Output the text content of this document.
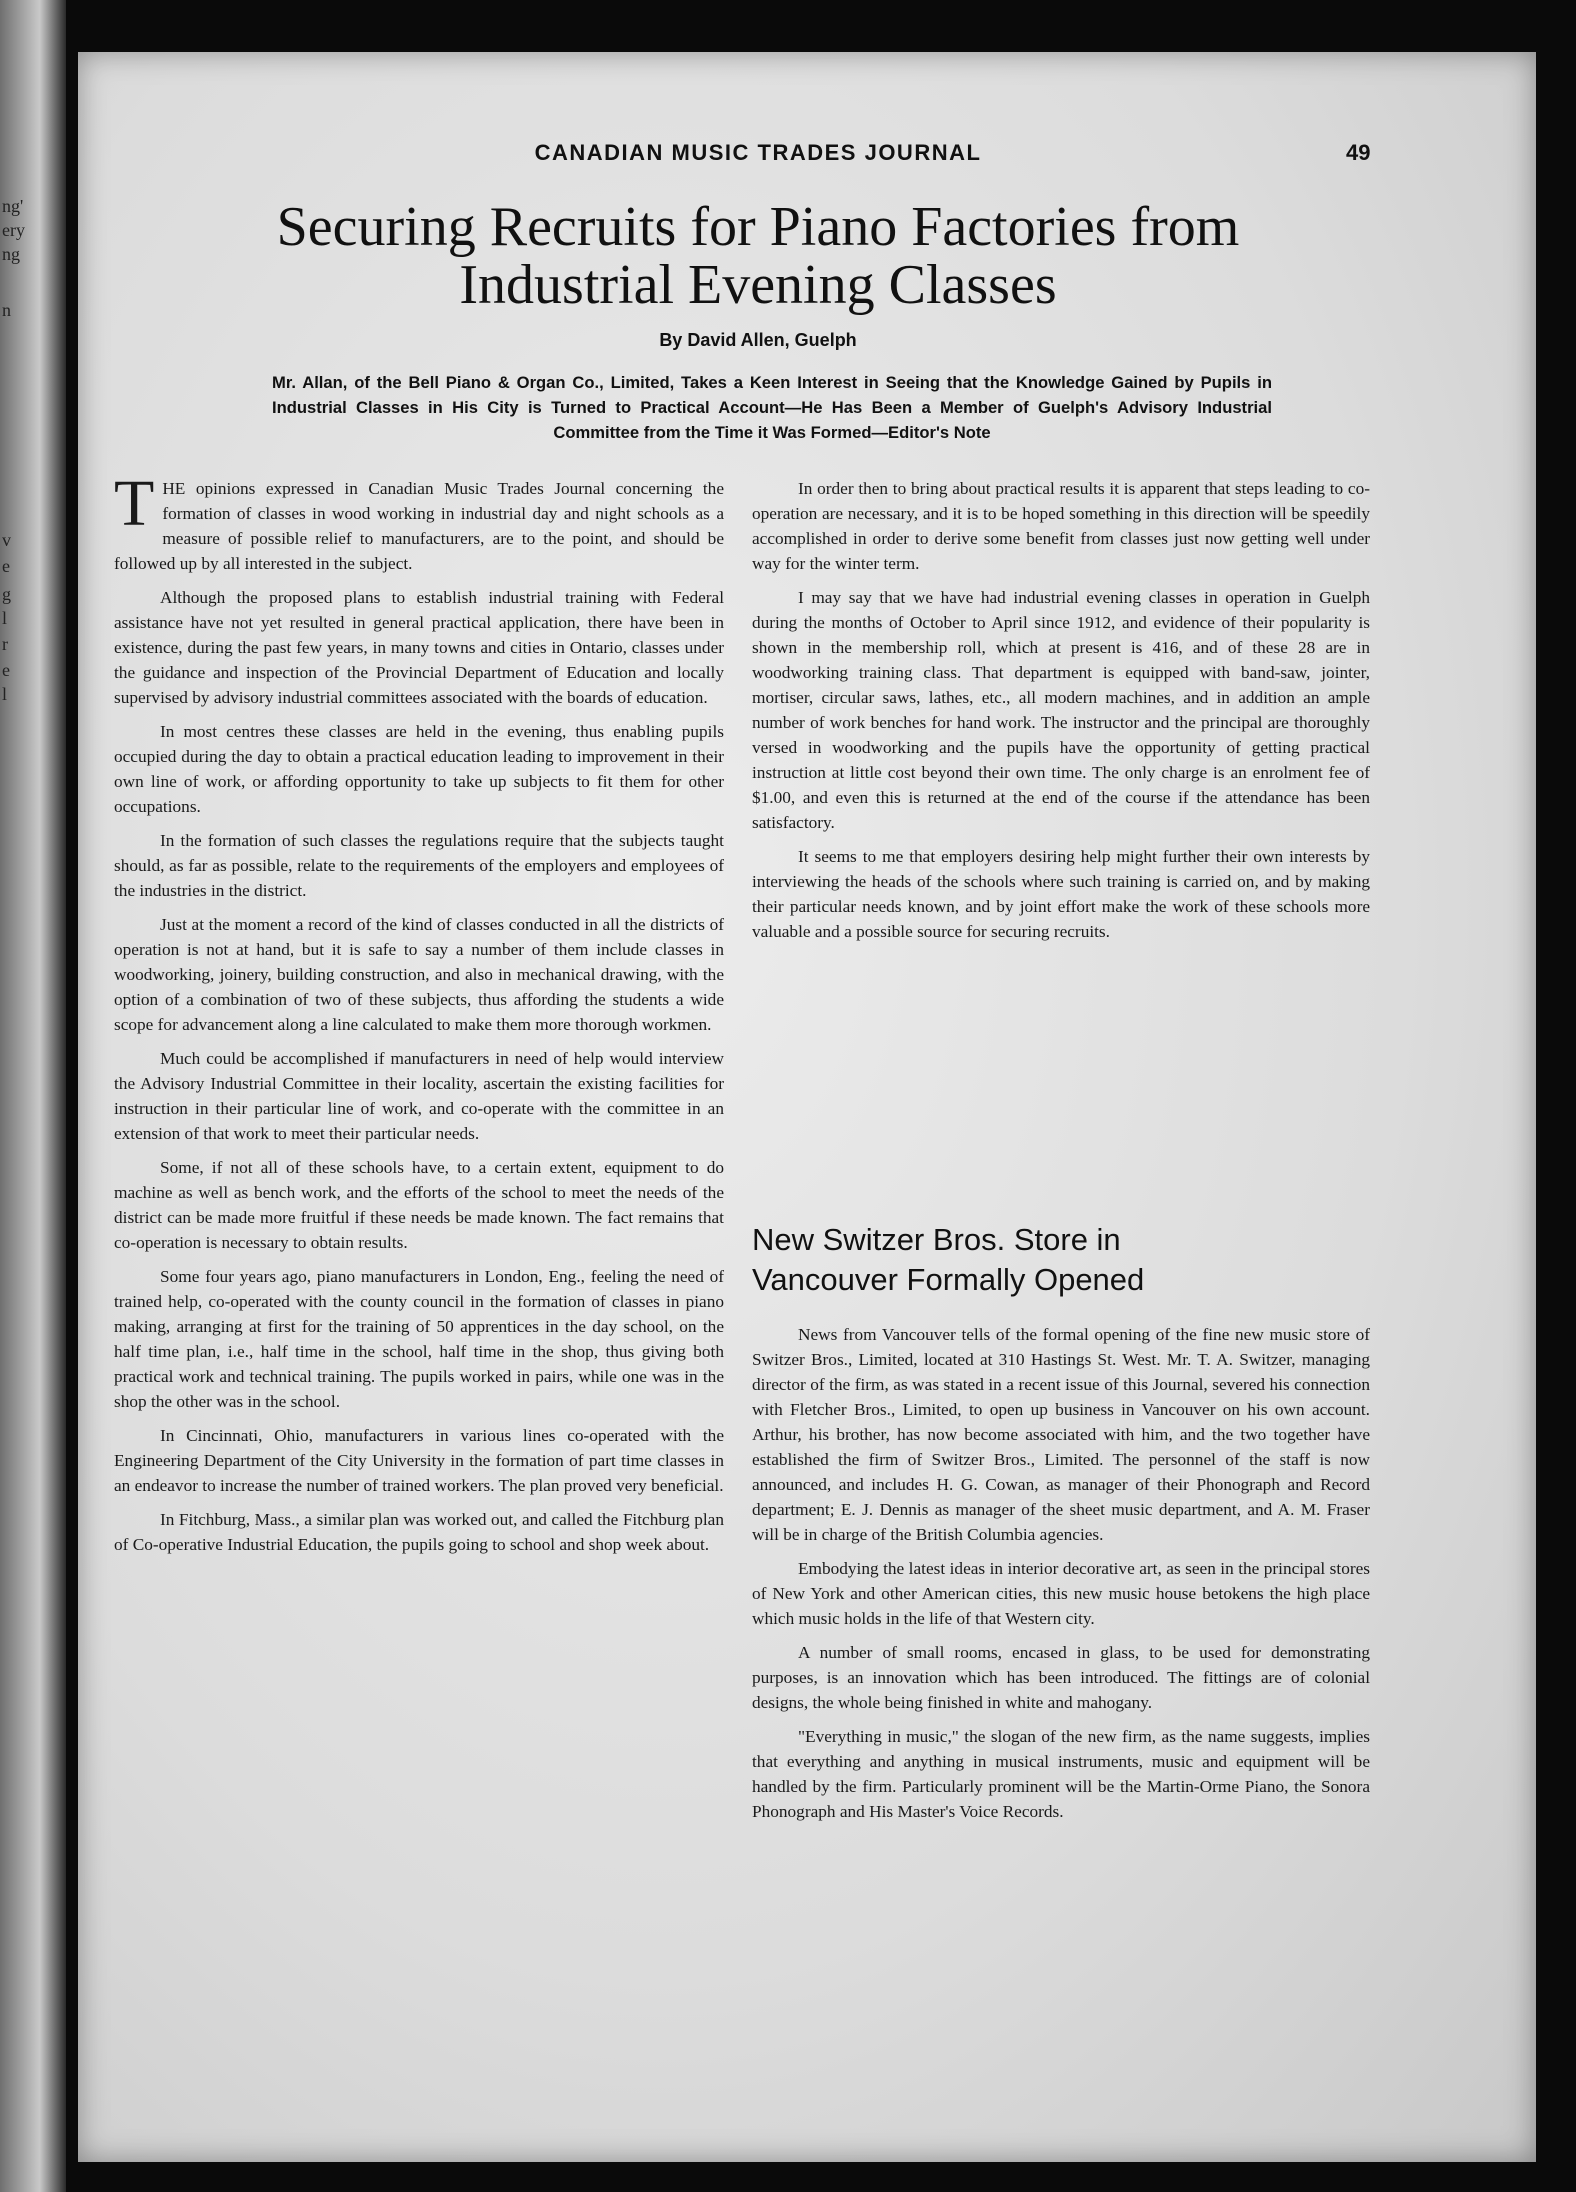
ng'
ery
ng
n
v
e
g
l
r
e
l
CANADIAN MUSIC TRADES JOURNAL	49
Securing Recruits for Piano Factories from
Industrial Evening Classes
By David Allen, Guelph
Mr. Allan, of the Bell Piano & Organ Co., Limited, Takes a Keen Interest in Seeing that the Knowledge Gained by Pupils in Industrial Classes in His City is Turned to Practical Account—He Has Been a Member of Guelph's Advisory Industrial Committee from the Time it Was Formed—Editor's Note

THE opinions expressed in Canadian Music Trades Journal concerning the formation of classes in wood working in industrial day and night schools as a measure of possible relief to manufacturers, are to the point, and should be followed up by all interested in the subject.

Although the proposed plans to establish industrial training with Federal assistance have not yet resulted in general practical application, there have been in existence, during the past few years, in many towns and cities in Ontario, classes under the guidance and inspection of the Provincial Department of Education and locally supervised by advisory industrial committees associated with the boards of education.

In most centres these classes are held in the evening, thus enabling pupils occupied during the day to obtain a practical education leading to improvement in their own line of work, or affording opportunity to take up subjects to fit them for other occupations.

In the formation of such classes the regulations require that the subjects taught should, as far as possible, relate to the requirements of the employers and employees of the industries in the district.

Just at the moment a record of the kind of classes conducted in all the districts of operation is not at hand, but it is safe to say a number of them include classes in woodworking, joinery, building construction, and also in mechanical drawing, with the option of a combination of two of these subjects, thus affording the students a wide scope for advancement along a line calculated to make them more thorough workmen.

Much could be accomplished if manufacturers in need of help would interview the Advisory Industrial Committee in their locality, ascertain the existing facilities for instruction in their particular line of work, and co-operate with the committee in an extension of that work to meet their particular needs.

Some, if not all of these schools have, to a certain extent, equipment to do machine as well as bench work, and the efforts of the school to meet the needs of the district can be made more fruitful if these needs be made known. The fact remains that co-operation is necessary to obtain results.

Some four years ago, piano manufacturers in London, Eng., feeling the need of trained help, co-operated with the county council in the formation of classes in piano making, arranging at first for the training of 50 apprentices in the day school, on the half time plan, i.e., half time in the school, half time in the shop, thus giving both practical work and technical training. The pupils worked in pairs, while one was in the shop the other was in the school.

In Cincinnati, Ohio, manufacturers in various lines co-operated with the Engineering Department of the City University in the formation of part time classes in an endeavor to increase the number of trained workers. The plan proved very beneficial.

In Fitchburg, Mass., a similar plan was worked out, and called the Fitchburg plan of Co-operative Industrial Education, the pupils going to school and shop week about.

In order then to bring about practical results it is apparent that steps leading to co-operation are necessary, and it is to be hoped something in this direction will be speedily accomplished in order to derive some benefit from classes just now getting well under way for the winter term.

I may say that we have had industrial evening classes in operation in Guelph during the months of October to April since 1912, and evidence of their popularity is shown in the membership roll, which at present is 416, and of these 28 are in woodworking training class. That department is equipped with band-saw, jointer, mortiser, circular saws, lathes, etc., all modern machines, and in addition an ample number of work benches for hand work. The instructor and the principal are thoroughly versed in woodworking and the pupils have the opportunity of getting practical instruction at little cost beyond their own time. The only charge is an enrolment fee of $1.00, and even this is returned at the end of the course if the attendance has been satisfactory.

It seems to me that employers desiring help might further their own interests by interviewing the heads of the schools where such training is carried on, and by making their particular needs known, and by joint effort make the work of these schools more valuable and a possible source for securing recruits.

New Switzer Bros. Store in
Vancouver Formally Opened

News from Vancouver tells of the formal opening of the fine new music store of Switzer Bros., Limited, located at 310 Hastings St. West. Mr. T. A. Switzer, managing director of the firm, as was stated in a recent issue of this Journal, severed his connection with Fletcher Bros., Limited, to open up business in Vancouver on his own account. Arthur, his brother, has now become associated with him, and the two together have established the firm of Switzer Bros., Limited. The personnel of the staff is now announced, and includes H. G. Cowan, as manager of their Phonograph and Record department; E. J. Dennis as manager of the sheet music department, and A. M. Fraser will be in charge of the British Columbia agencies.

Embodying the latest ideas in interior decorative art, as seen in the principal stores of New York and other American cities, this new music house betokens the high place which music holds in the life of that Western city.

A number of small rooms, encased in glass, to be used for demonstrating purposes, is an innovation which has been introduced. The fittings are of colonial designs, the whole being finished in white and mahogany.

"Everything in music," the slogan of the new firm, as the name suggests, implies that everything and anything in musical instruments, music and equipment will be handled by the firm. Particularly prominent will be the Martin-Orme Piano, the Sonora Phonograph and His Master's Voice Records.
